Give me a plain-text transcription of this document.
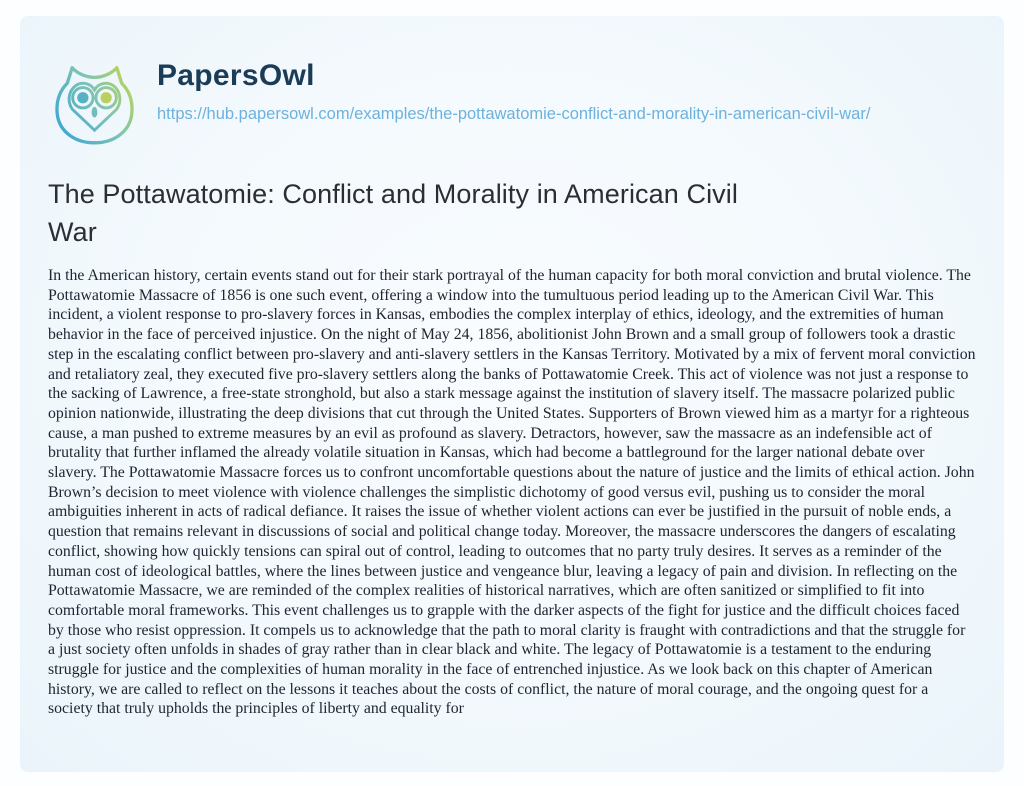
PapersOwl
https://hub.papersowl.com/examples/the-pottawatomie-conflict-and-morality-in-american-civil-war/
The Pottawatomie: Conflict and Morality in American Civil War

In the American history, certain events stand out for their stark portrayal of the human capacity for both moral conviction and brutal violence. The Pottawatomie Massacre of 1856 is one such event, offering a window into the tumultuous period leading up to the American Civil War. This incident, a violent response to pro-slavery forces in Kansas, embodies the complex interplay of ethics, ideology, and the extremities of human behavior in the face of perceived injustice. On the night of May 24, 1856, abolitionist John Brown and a small group of followers took a drastic step in the escalating conflict between pro-slavery and anti-slavery settlers in the Kansas Territory. Motivated by a mix of fervent moral conviction and retaliatory zeal, they executed five pro-slavery settlers along the banks of Pottawatomie Creek. This act of violence was not just a response to the sacking of Lawrence, a free-state stronghold, but also a stark message against the institution of slavery itself. The massacre polarized public opinion nationwide, illustrating the deep divisions that cut through the United States. Supporters of Brown viewed him as a martyr for a righteous cause, a man pushed to extreme measures by an evil as profound as slavery. Detractors, however, saw the massacre as an indefensible act of brutality that further inflamed the already volatile situation in Kansas, which had become a battleground for the larger national debate over slavery. The Pottawatomie Massacre forces us to confront uncomfortable questions about the nature of justice and the limits of ethical action. John Brown’s decision to meet violence with violence challenges the simplistic dichotomy of good versus evil, pushing us to consider the moral ambiguities inherent in acts of radical defiance. It raises the issue of whether violent actions can ever be justified in the pursuit of noble ends, a question that remains relevant in discussions of social and political change today. Moreover, the massacre underscores the dangers of escalating conflict, showing how quickly tensions can spiral out of control, leading to outcomes that no party truly desires. It serves as a reminder of the human cost of ideological battles, where the lines between justice and vengeance blur, leaving a legacy of pain and division. In reflecting on the Pottawatomie Massacre, we are reminded of the complex realities of historical narratives, which are often sanitized or simplified to fit into comfortable moral frameworks. This event challenges us to grapple with the darker aspects of the fight for justice and the difficult choices faced by those who resist oppression. It compels us to acknowledge that the path to moral clarity is fraught with contradictions and that the struggle for a just society often unfolds in shades of gray rather than in clear black and white. The legacy of Pottawatomie is a testament to the enduring struggle for justice and the complexities of human morality in the face of entrenched injustice. As we look back on this chapter of American history, we are called to reflect on the lessons it teaches about the costs of conflict, the nature of moral courage, and the ongoing quest for a society that truly upholds the principles of liberty and equality for
